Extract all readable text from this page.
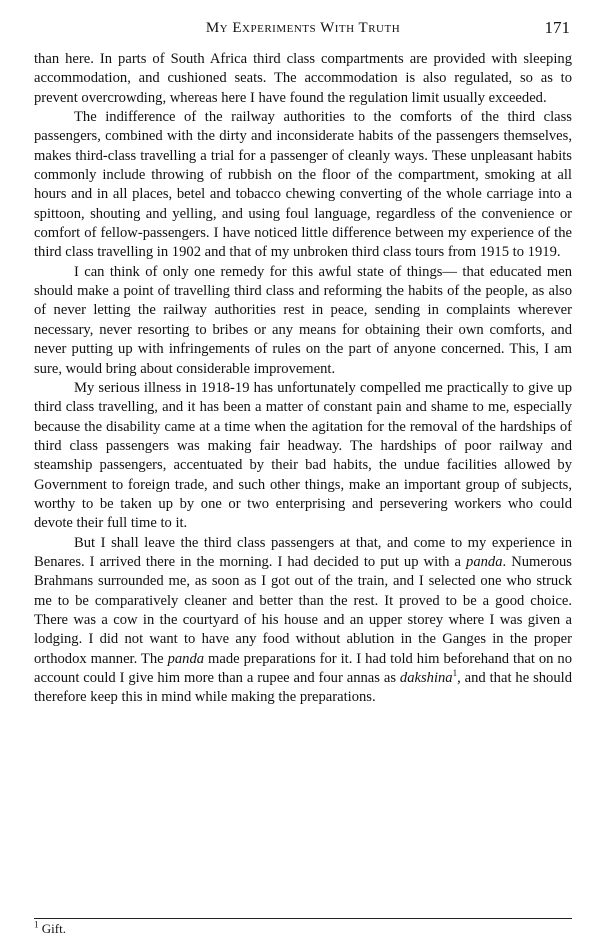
My Experiments With Truth	171

than here. In parts of South Africa third class compartments are provided with sleeping accommodation, and cushioned seats. The accommodation is also regulated, so as to prevent overcrowding, whereas here I have found the regulation limit usually exceeded.

The indifference of the railway authorities to the comforts of the third class passengers, combined with the dirty and inconsiderate habits of the passengers themselves, makes third-class travelling a trial for a passenger of cleanly ways. These unpleasant habits commonly include throwing of rubbish on the floor of the compartment, smoking at all hours and in all places, betel and tobacco chewing converting of the whole carriage into a spittoon, shouting and yelling, and using foul language, regardless of the convenience or comfort of fellow-passengers. I have noticed little difference between my experience of the third class travelling in 1902 and that of my unbroken third class tours from 1915 to 1919.

I can think of only one remedy for this awful state of things— that educated men should make a point of travelling third class and reforming the habits of the people, as also of never letting the railway authorities rest in peace, sending in complaints wherever necessary, never resorting to bribes or any means for obtaining their own comforts, and never putting up with infringements of rules on the part of anyone concerned. This, I am sure, would bring about considerable improvement.

My serious illness in 1918-19 has unfortunately compelled me practically to give up third class travelling, and it has been a matter of constant pain and shame to me, especially because the disability came at a time when the agitation for the removal of the hardships of third class passengers was making fair headway. The hardships of poor railway and steamship passengers, accentuated by their bad habits, the undue facilities allowed by Government to foreign trade, and such other things, make an important group of subjects, worthy to be taken up by one or two enterprising and persevering workers who could devote their full time to it.

But I shall leave the third class passengers at that, and come to my experience in Benares. I arrived there in the morning. I had decided to put up with a panda. Numerous Brahmans surrounded me, as soon as I got out of the train, and I selected one who struck me to be comparatively cleaner and better than the rest. It proved to be a good choice. There was a cow in the courtyard of his house and an upper storey where I was given a lodging. I did not want to have any food without ablution in the Ganges in the proper orthodox manner. The panda made preparations for it. I had told him beforehand that on no account could I give him more than a rupee and four annas as dakshina$^1$, and that he should therefore keep this in mind while making the preparations.

$^1$ Gift.
